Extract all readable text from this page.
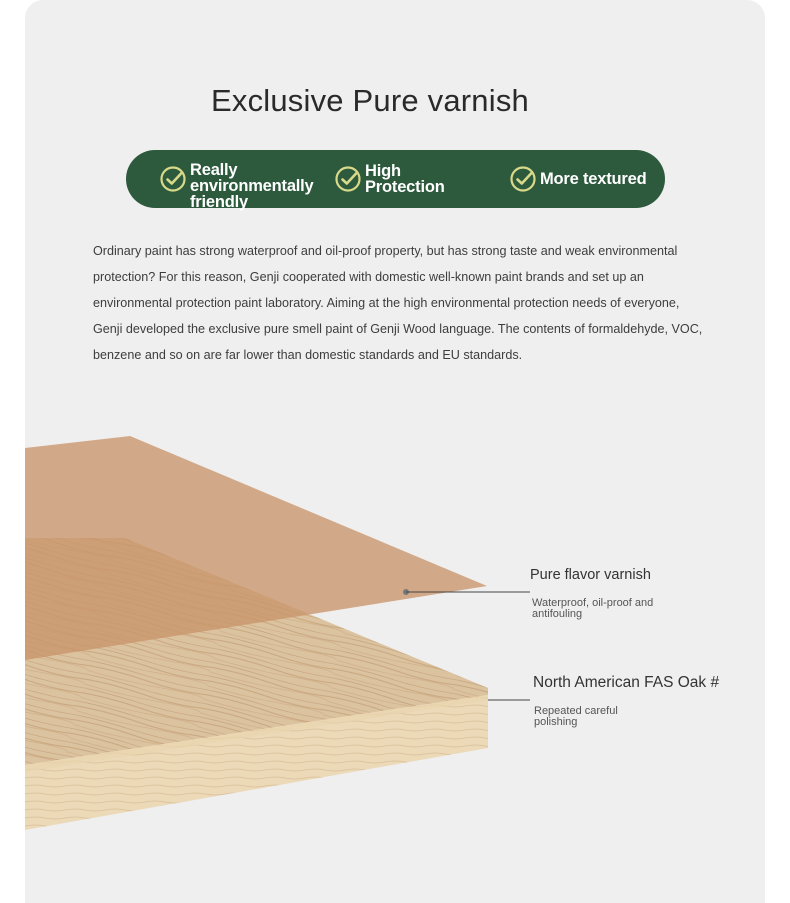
Exclusive Pure varnish
Really environmentally friendly
High Protection	More textured
Ordinary paint has strong waterproof and oil-proof property, but has strong taste and weak environmental protection? For this reason, Genji cooperated with domestic well-known paint brands and set up an environmental protection paint laboratory. Aiming at the high environmental protection needs of everyone, Genji developed the exclusive pure smell paint of Genji Wood language. The contents of formaldehyde, VOC, benzene and so on are far lower than domestic standards and EU standards.
Pure flavor varnish
Waterproof, oil-proof and antifouling
North American FAS Oak #
Repeated careful polishing
